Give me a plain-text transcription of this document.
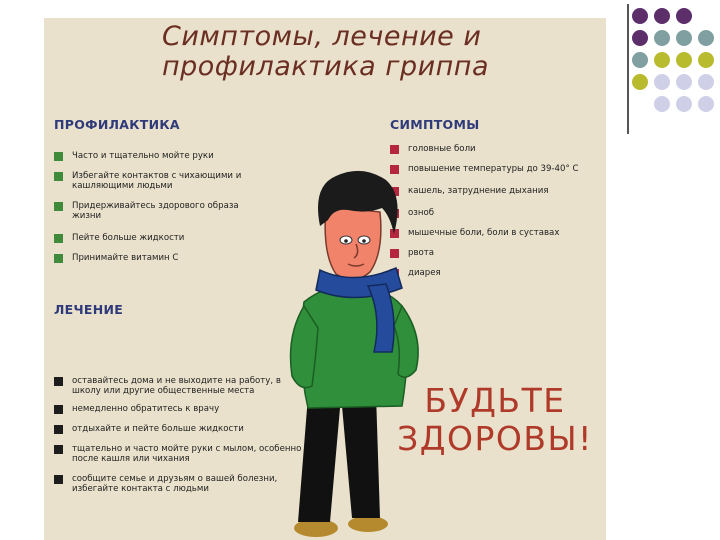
Симптомы, лечение и профилактика гриппа
ПРОФИЛАКТИКА
Часто и тщательно мойте руки
Избегайте контактов с чихающими и кашляющими людьми
Придерживайтесь здорового образа жизни
Пейте больше жидкости
Принимайте витамин С
ЛЕЧЕНИЕ
оставайтесь дома и не выходите на работу, в школу или другие общественные места
немедленно обратитесь к врачу
отдыхайте и пейте больше жидкости
тщательно и часто мойте руки с мылом, особенно после кашля или чихания
сообщите семье и друзьям о вашей болезни, избегайте контакта с людьми
СИМПТОМЫ
головные боли
повышение температуры до 39-40° С
кашель, затруднение дыхания
озноб
мышечные боли, боли в суставах
рвота
диарея
БУДЬТЕ ЗДОРОВЫ!
